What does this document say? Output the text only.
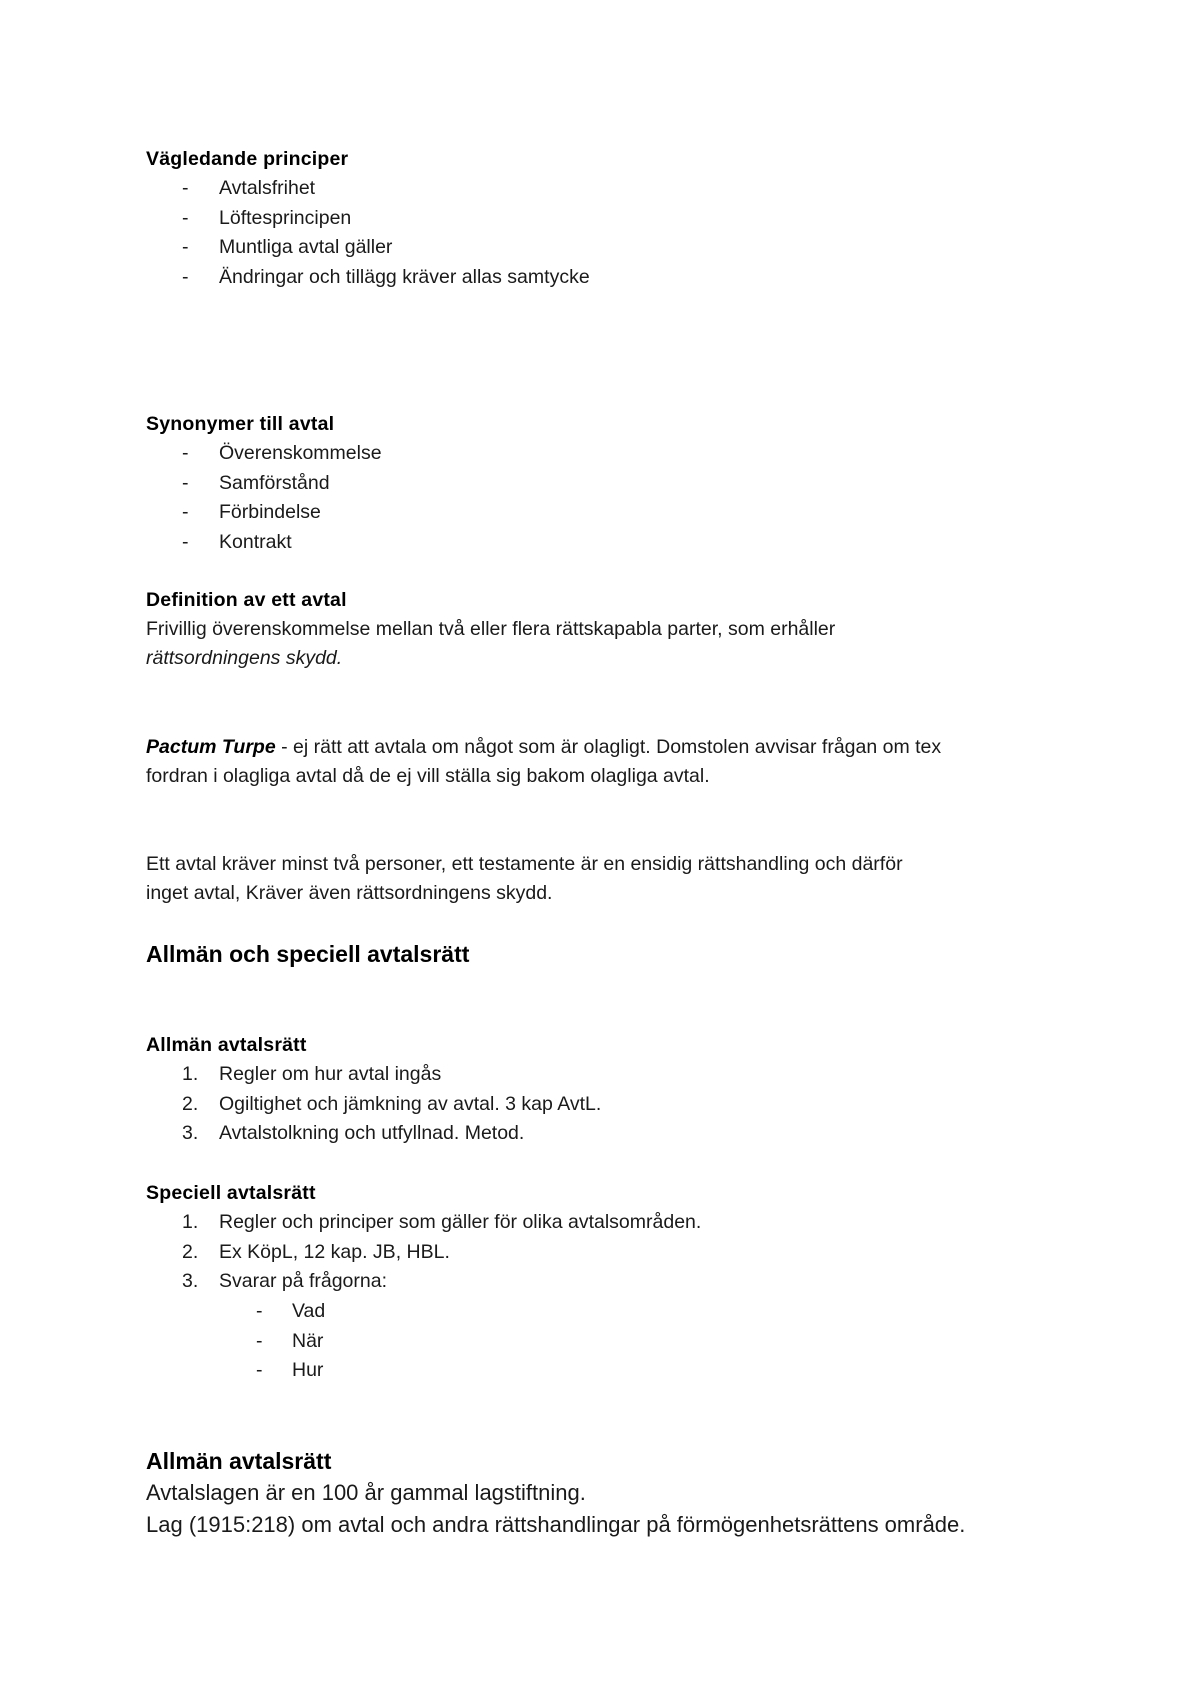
Vägledande principer
- Avtalsfrihet
- Löftesprincipen
- Muntliga avtal gäller
- Ändringar och tillägg kräver allas samtycke
Synonymer till avtal
- Överenskommelse
- Samförstånd
- Förbindelse
- Kontrakt
Definition av ett avtal
Frivillig överenskommelse mellan två eller flera rättskapabla parter, som erhåller
rättsordningens skydd.
Pactum Turpe - ej rätt att avtala om något som är olagligt. Domstolen avvisar frågan om tex
fordran i olagliga avtal då de ej vill ställa sig bakom olagliga avtal.
Ett avtal kräver minst två personer, ett testamente är en ensidig rättshandling och därför
inget avtal, Kräver även rättsordningens skydd.
Allmän och speciell avtalsrätt
Allmän avtalsrätt
1. Regler om hur avtal ingås
2. Ogiltighet och jämkning av avtal. 3 kap AvtL.
3. Avtalstolkning och utfyllnad. Metod.
Speciell avtalsrätt
1. Regler och principer som gäller för olika avtalsområden.
2. Ex KöpL, 12 kap. JB, HBL.
3. Svarar på frågorna:
- Vad
- När
- Hur
Allmän avtalsrätt
Avtalslagen är en 100 år gammal lagstiftning.
Lag (1915:218) om avtal och andra rättshandlingar på förmögenhetsrättens område.
